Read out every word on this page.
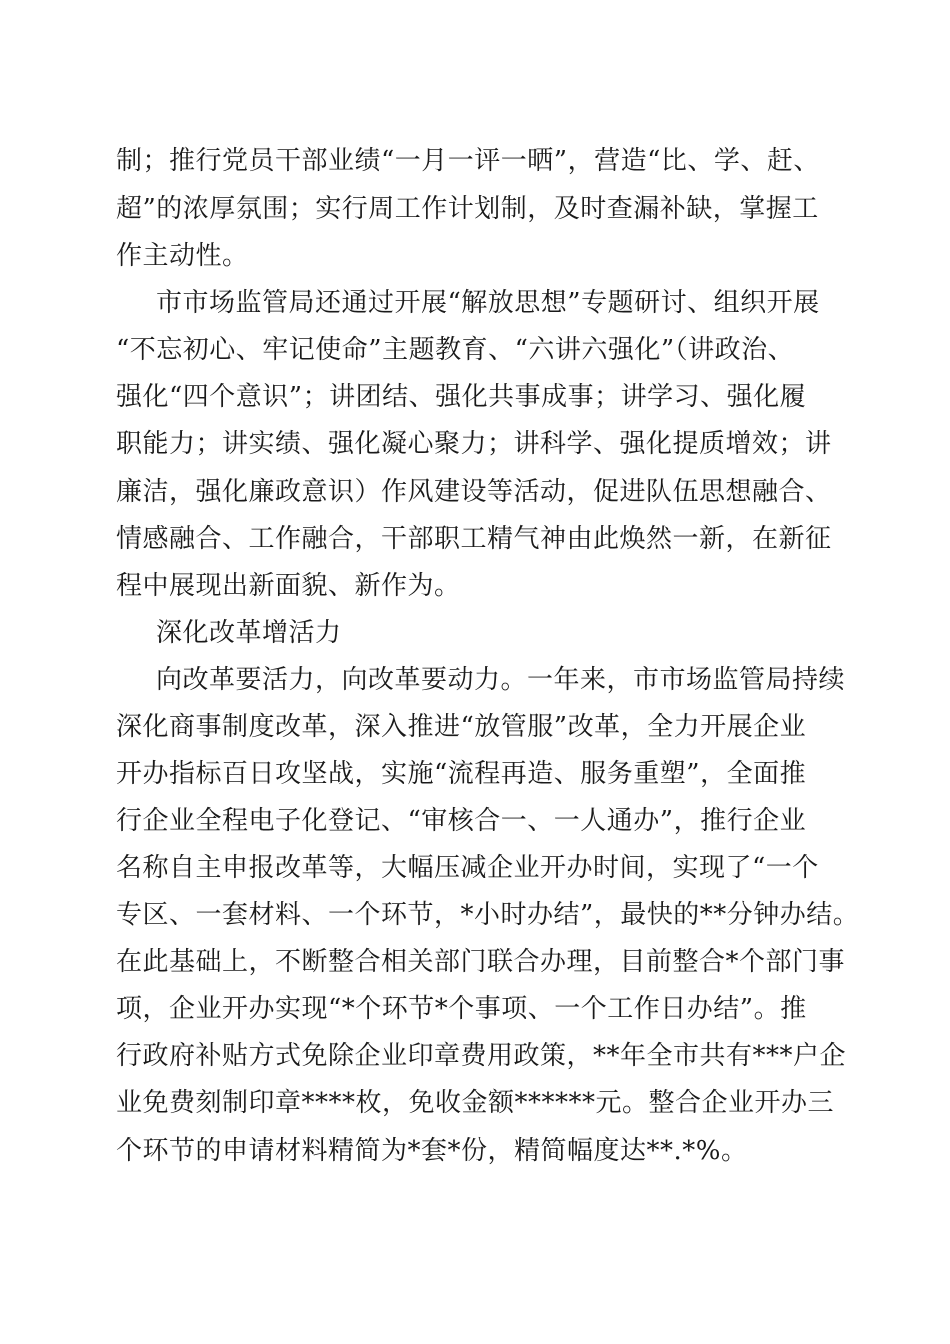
制；推行党员干部业绩“一月一评一晒”，营造“比、学、赶、
超”的浓厚氛围；实行周工作计划制，及时查漏补缺，掌握工
作主动性。
市市场监管局还通过开展“解放思想”专题研讨、组织开展
“不忘初心、牢记使命”主题教育、“六讲六强化”（讲政治、
强化“四个意识”；讲团结、强化共事成事；讲学习、强化履
职能力；讲实绩、强化凝心聚力；讲科学、强化提质增效；讲
廉洁，强化廉政意识）作风建设等活动，促进队伍思想融合、
情感融合、工作融合，干部职工精气神由此焕然一新，在新征
程中展现出新面貌、新作为。
深化改革增活力
向改革要活力，向改革要动力。一年来，市市场监管局持续
深化商事制度改革，深入推进“放管服”改革，全力开展企业
开办指标百日攻坚战，实施“流程再造、服务重塑”，全面推
行企业全程电子化登记、“审核合一、一人通办”，推行企业
名称自主申报改革等，大幅压减企业开办时间，实现了“一个
专区、一套材料、一个环节，*小时办结”，最快的**分钟办结。
在此基础上，不断整合相关部门联合办理，目前整合*个部门事
项，企业开办实现“*个环节*个事项、一个工作日办结”。推
行政府补贴方式免除企业印章费用政策，**年全市共有***户企
业免费刻制印章****枚，免收金额******元。整合企业开办三
个环节的申请材料精简为*套*份，精简幅度达**.*%。
